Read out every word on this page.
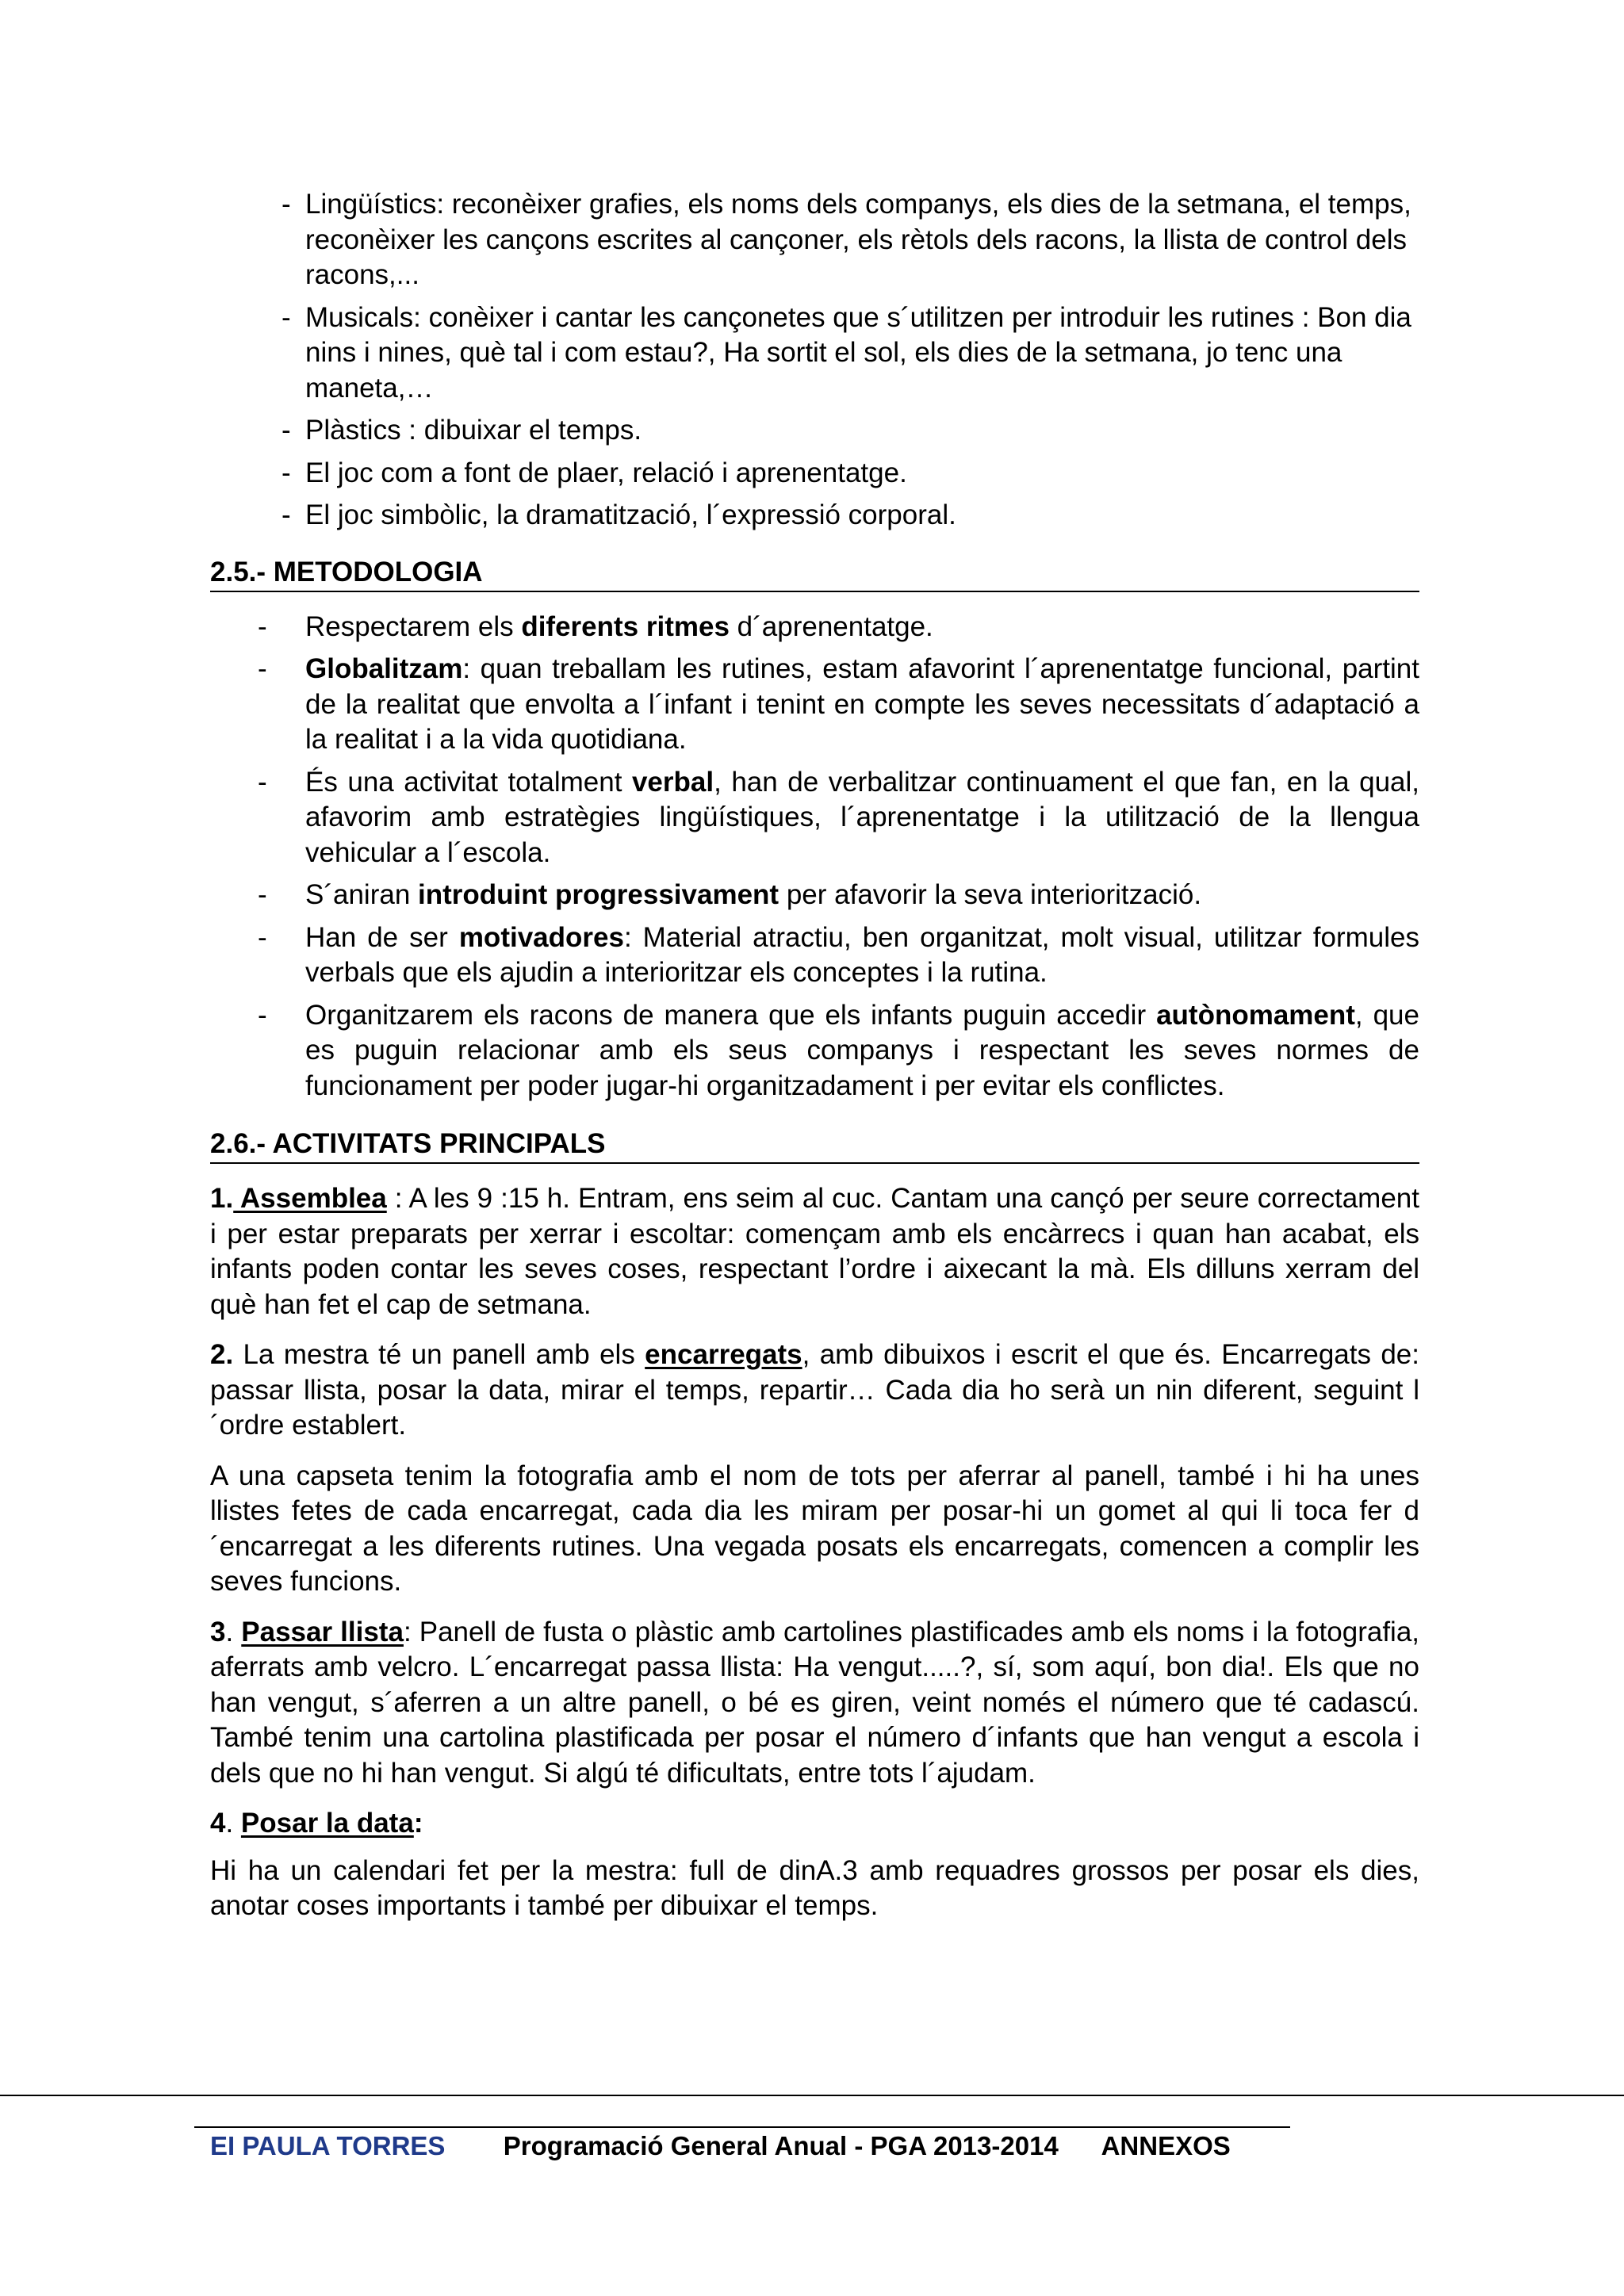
- Lingüístics: reconèixer grafies, els noms dels companys, els dies de la setmana, el temps, reconèixer les cançons escrites al cançoner, els rètols dels racons, la llista de control dels racons,...
- Musicals: conèixer i cantar les cançonetes que s´utilitzen per introduir les rutines : Bon dia nins i nines, què tal i com estau?, Ha sortit el sol, els dies de la setmana, jo tenc una maneta,…
- Plàstics : dibuixar el temps.
- El joc com a font de plaer, relació i aprenentatge.
- El joc simbòlic, la dramatització, l´expressió corporal.
2.5.- METODOLOGIA
- Respectarem els diferents ritmes d´aprenentatge.
- Globalitzam: quan treballam les rutines, estam afavorint l´aprenentatge funcional, partint de la realitat que envolta a l´infant i tenint en compte les seves necessitats d´adaptació a la realitat i a la vida quotidiana.
- És una activitat totalment verbal, han de verbalitzar continuament el que fan, en la qual, afavorim amb estratègies lingüístiques, l´aprenentatge i la utilització de la llengua vehicular a l´escola.
- S´aniran introduint progressivament per afavorir la seva interiorització.
- Han de ser motivadores: Material atractiu, ben organitzat, molt visual, utilitzar formules verbals que els ajudin a interioritzar els conceptes i la rutina.
- Organitzarem els racons de manera que els infants puguin accedir autònomament, que es puguin relacionar amb els seus companys i respectant les seves normes de funcionament per poder jugar-hi organitzadament i per evitar els conflictes.
2.6.- ACTIVITATS PRINCIPALS

1. Assemblea : A les 9 :15 h. Entram, ens seim al cuc. Cantam una cançó per seure correctament i per estar preparats per xerrar i escoltar: començam amb els encàrrecs i quan han acabat, els infants poden contar les seves coses, respectant l’ordre i aixecant la mà. Els dilluns xerram del què han fet el cap de setmana.

2. La mestra té un panell amb els encarregats, amb dibuixos i escrit el que és. Encarregats de: passar llista, posar la data, mirar el temps, repartir… Cada dia ho serà un nin diferent, seguint l´ordre establert.

A una capseta tenim la fotografia amb el nom de tots per aferrar al panell, també i hi ha unes llistes fetes de cada encarregat, cada dia les miram per posar-hi un gomet al qui li toca fer d´encarregat a les diferents rutines. Una vegada posats els encarregats, comencen a complir les seves funcions.

3. Passar llista: Panell de fusta o plàstic amb cartolines plastificades amb els noms i la fotografia, aferrats amb velcro. L´encarregat passa llista: Ha vengut.....?, sí, som aquí, bon dia!. Els que no han vengut, s´aferren a un altre panell, o bé es giren, veint només el número que té cadascú. També tenim una cartolina plastificada per posar el número d´infants que han vengut a escola i dels que no hi han vengut. Si algú té dificultats, entre tots l´ajudam.

4. Posar la data:

Hi ha un calendari fet per la mestra: full de dinA.3 amb requadres grossos per posar els dies, anotar coses importants i també per dibuixar el temps.

EI PAULA TORRES Programació General Anual - PGA 2013-2014 ANNEXOS
